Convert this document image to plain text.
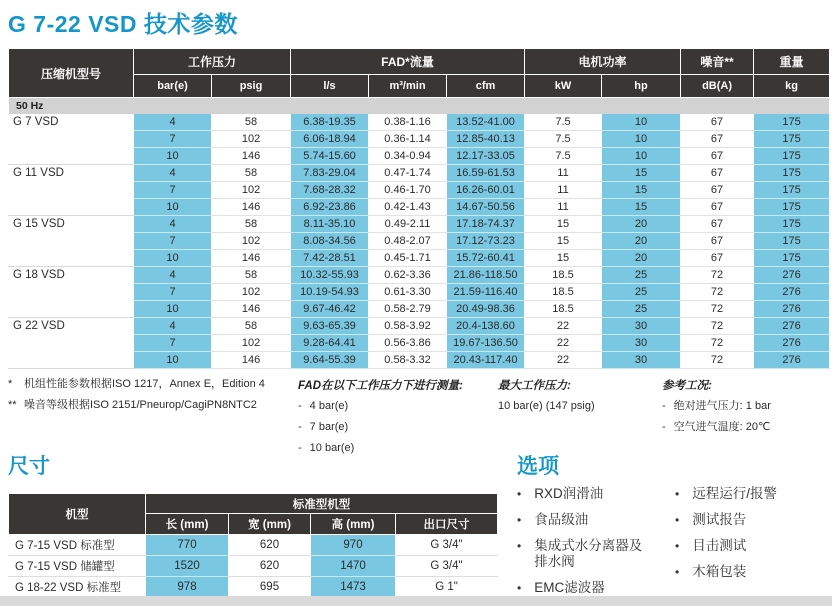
G 7-22 VSD 技术参数
压缩机型号	工作压力		FAD*流量			电机功率		噪音**	重量
	bar(e)	psig	l/s	m³/min	cfm	kW	hp	dB(A)	kg
50 Hz									
G 7 VSD	4	58	6.38-19.35	0.38-1.16	13.52-41.00	7.5	10	67	175
	7	102	6.06-18.94	0.36-1.14	12.85-40.13	7.5	10	67	175
	10	146	5.74-15.60	0.34-0.94	12.17-33.05	7.5	10	67	175
G 11 VSD	4	58	7.83-29.04	0.47-1.74	16.59-61.53	11	15	67	175
	7	102	7.68-28.32	0.46-1.70	16.26-60.01	11	15	67	175
	10	146	6.92-23.86	0.42-1.43	14.67-50.56	11	15	67	175
G 15 VSD	4	58	8.11-35.10	0.49-2.11	17.18-74.37	15	20	67	175
	7	102	8.08-34.56	0.48-2.07	17.12-73.23	15	20	67	175
	10	146	7.42-28.51	0.45-1.71	15.72-60.41	15	20	67	175
G 18 VSD	4	58	10.32-55.93	0.62-3.36	21.86-118.50	18.5	25	72	276
	7	102	10.19-54.93	0.61-3.30	21.59-116.40	18.5	25	72	276
	10	146	9.67-46.42	0.58-2.79	20.49-98.36	18.5	25	72	276
G 22 VSD	4	58	9.63-65.39	0.58-3.92	20.4-138.60	22	30	72	276
	7	102	9.28-64.41	0.56-3.86	19.67-136.50	22	30	72	276
	10	146	9.64-55.39	0.58-3.32	20.43-117.40	22	30	72	276
*	机组性能参数根据ISO 1217，Annex E，Edition 4
** 噪音等级根据ISO 2151/Pneurop/CagiPN8NTC2

FAD在以下工作压力下进行测量:

- 4 bar(e)
- 7 bar(e)
- 10 bar(e)

最大工作压力:

10 bar(e) (147 psig)

参考工况:

- 绝对进气压力: 1 bar
- 空气进气温度: 20℃
尺寸
机型	标准型机型			
	长 (mm)	宽 (mm)	高 (mm)	出口尺寸
G 7-15 VSD 标准型	770	620	970	G 3/4"
G 7-15 VSD 储罐型	1520	620	1470	G 3/4"
G 18-22 VSD 标准型	978	695	1473	G 1"
选项
• RXD润滑油
• 食品级油
• 集成式水分离器及排水阀
• EMC滤波器
• 远程运行/报警
• 测试报告
• 目击测试
• 木箱包装
